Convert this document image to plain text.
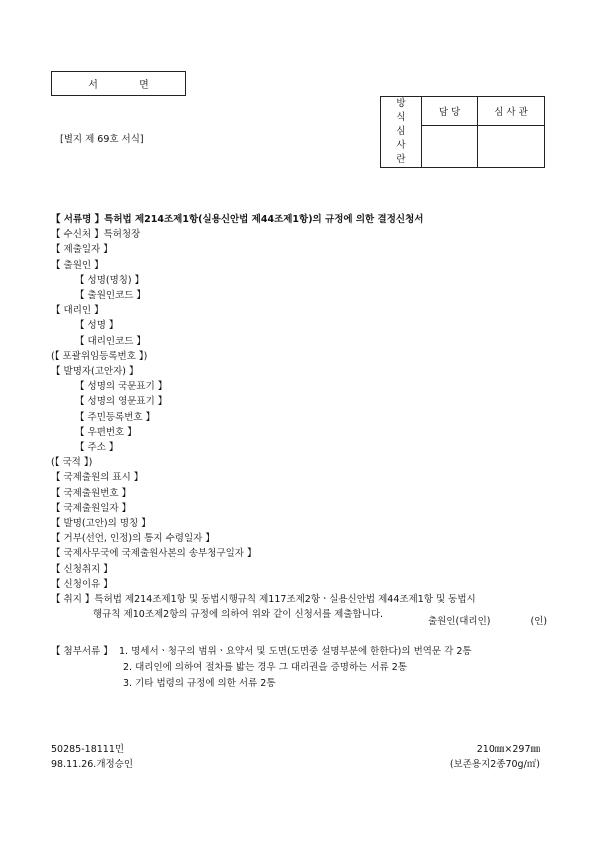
서 면
[별지 제 69호 서식]
방
식
심
사
란	담 당	심 사 관

【 서류명 】특허법 제214조제1항(실용신안법 제44조제1항)의 규정에 의한 결정신청서
【 수신처 】특허청장
【 제출일자 】
【 출원인 】
【 성명(명칭) 】
【 출원인코드 】
【 대리인 】
【 성명 】
【 대리인코드 】
(【 포괄위임등록번호 】)
【 발명자(고안자) 】
【 성명의 국문표기 】
【 성명의 영문표기 】
【 주민등록번호 】
【 우편번호 】
【 주소 】
(【 국적 】)
【 국제출원의 표시 】
【 국제출원번호 】
【 국제출원일자 】
【 발명(고안)의 명칭 】
【 거부(선언, 인정)의 통지 수령일자 】
【 국제사무국에 국제출원사본의 송부청구일자 】
【 신청취지 】
【 신청이유 】
【 취지 】특허법 제214조제1항 및 동법시행규칙 제117조제2항ㆍ실용신안법 제44조제1항 및 동법시
행규칙 제10조제2항의 규정에 의하여 위와 같이 신청서를 제출합니다.
출원인(대리인)	(인)
【 첨부서류 】 1. 명세서ㆍ청구의 범위ㆍ요약서 및 도면(도면중 설명부분에 한한다)의 번역문 각 2통
2. 대리인에 의하여 절차를 밟는 경우 그 대리권을 증명하는 서류 2통
3. 기타 법령의 규정에 의한 서류 2통
50285-18111민
98.11.26.개정승인
210㎜×297㎜
(보존용지2종70g/㎡)
